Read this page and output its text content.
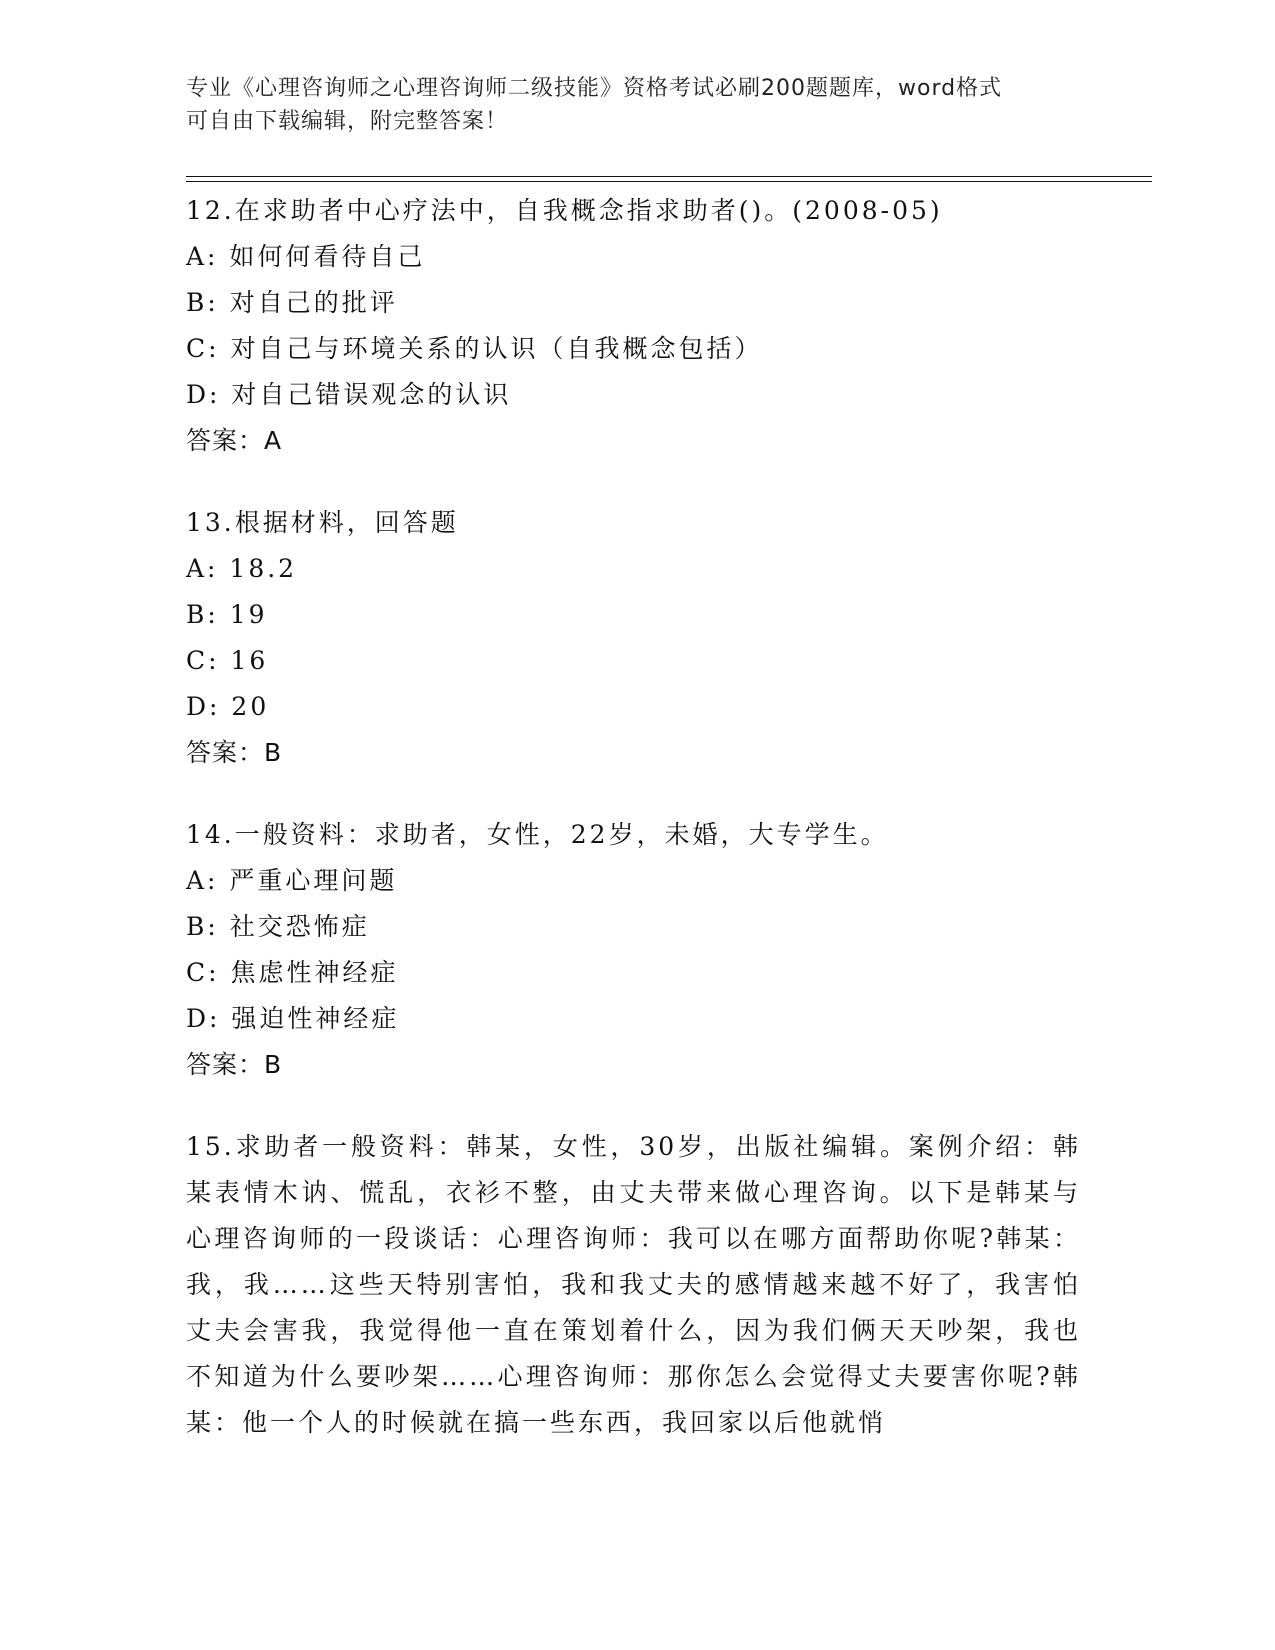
专业《心理咨询师之心理咨询师二级技能》资格考试必刷200题题库，word格式
可自由下载编辑，附完整答案！
12.在求助者中心疗法中，自我概念指求助者()。(2008-05)
A: 如何何看待自己
B: 对自己的批评
C: 对自己与环境关系的认识（自我概念包括）
D: 对自己错误观念的认识
答案：A
13.根据材料，回答题
A: 18.2
B: 19
C: 16
D: 20
答案：B
14.一般资料：求助者，女性，22岁，未婚，大专学生。
A: 严重心理问题
B: 社交恐怖症
C: 焦虑性神经症
D: 强迫性神经症
答案：B
15.求助者一般资料：韩某，女性，30岁，出版社编辑。案例介绍：韩某表情木讷、慌乱，衣衫不整，由丈夫带来做心理咨询。以下是韩某与心理咨询师的一段谈话：心理咨询师：我可以在哪方面帮助你呢?韩某：我，我……这些天特别害怕，我和我丈夫的感情越来越不好了，我害怕丈夫会害我，我觉得他一直在策划着什么，因为我们俩天天吵架，我也不知道为什么要吵架……心理咨询师：那你怎么会觉得丈夫要害你呢?韩某：他一个人的时候就在搞一些东西，我回家以后他就悄
